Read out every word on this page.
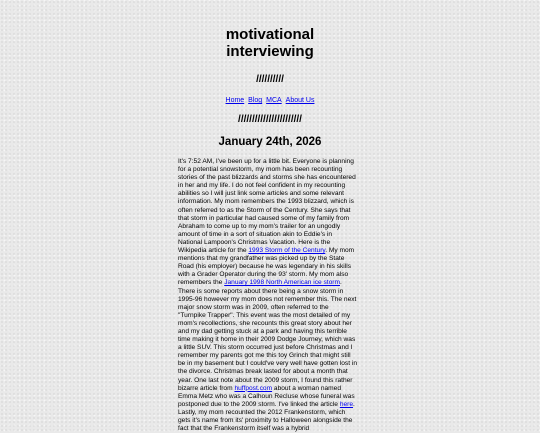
motivational
interviewing
//////////
Home Blog MCA About Us
///////////////////////
January 24th, 2026
It's 7:52 AM, I've been up for a little bit. Everyone is planning for a potential snowstorm, my mom has been recounting stories of the past blizzards and storms she has encountered in her and my life. I do not feel confident in my recounting abilities so I will just link some articles and some relevant information. My mom remembers the 1993 blizzard, which is often referred to as the Storm of the Century. She says that that storm in particular had caused some of my family from Abraham to come up to my mom's trailer for an ungodly amount of time in a sort of situation akin to Eddie's in National Lampoon's Christmas Vacation. Here is the Wikipedia article for the 1993 Storm of the Century. My mom mentions that my grandfather was picked up by the State Road (his employer) because he was legendary in his skills with a Grader Operator during the 93' storm. My mom also remembers the January 1998 North American ice storm. There is some reports about there being a snow storm in 1995-96 however my mom does not remember this. The next major snow storm was in 2009, often referred to the "Turnpike Trapper". This event was the most detailed of my mom's recollections, she recounts this great story about her and my dad getting stuck at a park and having this terrible time making it home in their 2009 Dodge Journey, which was a little SUV. This storm occurred just before Christmas and I remember my parents got me this toy Grinch that might still be in my basement but I could've very well have gotten lost in the divorce. Christmas break lasted for about a month that year. One last note about the 2009 storm, I found this rather bizarre article from huffpost.com about a woman named Emma Metz who was a Calhoun Recluse whose funeral was postponed due to the 2009 storm. I've linked the article here. Lastly, my mom recounted the 2012 Frankenstorm, which gets it's name from its' proximity to Halloween alongside the fact that the Frankenstorm itself was a hybrid
